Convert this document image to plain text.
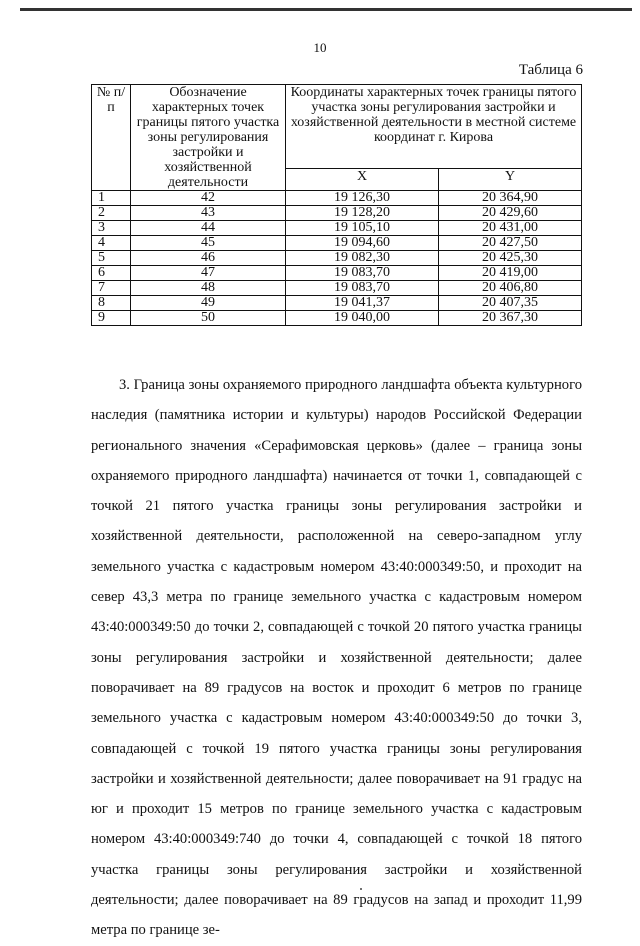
10
Таблица 6
№ п/п	Обозначение характерных точек границы пятого участка зоны регулирования застройки и хозяйственной деятельности	Координаты характерных точек границы пятого участка зоны регулирования застройки и хозяйственной деятельности в местной системе координат г. Кирова	
		X	Y
1	42	19 126,30	20 364,90
2	43	19 128,20	20 429,60
3	44	19 105,10	20 431,00
4	45	19 094,60	20 427,50
5	46	19 082,30	20 425,30
6	47	19 083,70	20 419,00
7	48	19 083,70	20 406,80
8	49	19 041,37	20 407,35
9	50	19 040,00	20 367,30
3. Граница зоны охраняемого природного ландшафта объекта культурного наследия (памятника истории и культуры) народов Российской Федерации регионального значения «Серафимовская церковь» (далее – граница зоны охраняемого природного ландшафта) начинается от точки 1, совпадающей с точкой 21 пятого участка границы зоны регулирования застройки и хозяйственной деятельности, расположенной на северо-западном углу земельного участка с кадастровым номером 43:40:000349:50, и проходит на север 43,3 метра по границе земельного участка с кадастровым номером 43:40:000349:50 до точки 2, совпадающей с точкой 20 пятого участка границы зоны регулирования застройки и хозяйственной деятельности; далее поворачивает на 89 градусов на восток и проходит 6 метров по границе земельного участка с кадастровым номером 43:40:000349:50 до точки 3, совпадающей с точкой 19 пятого участка границы зоны регулирования застройки и хозяйственной деятельности; далее поворачивает на 91 градус на юг и проходит 15 метров по границе земельного участка с кадастровым номером 43:40:000349:740 до точки 4, совпадающей с точкой 18 пятого участка границы зоны регулирования застройки и хозяйственной деятельности; далее поворачивает на 89 градусов на запад и проходит 11,99 метра по границе зе-
